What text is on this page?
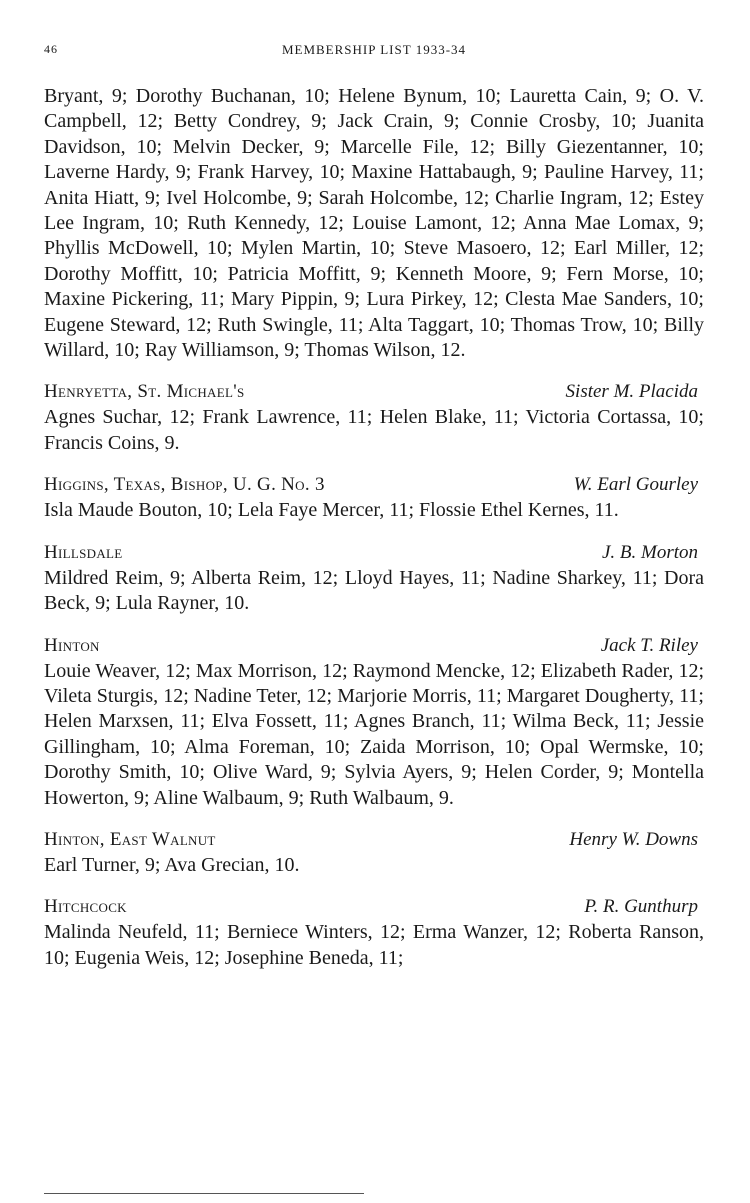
46	MEMBERSHIP LIST 1933-34

Bryant, 9; Dorothy Buchanan, 10; Helene Bynum, 10; Lauretta Cain, 9; O. V. Campbell, 12; Betty Condrey, 9; Jack Crain, 9; Connie Crosby, 10; Juanita Davidson, 10; Melvin Decker, 9; Marcelle File, 12; Billy Giezentanner, 10; Laverne Hardy, 9; Frank Harvey, 10; Maxine Hattabaugh, 9; Pauline Harvey, 11; Anita Hiatt, 9; Ivel Holcombe, 9; Sarah Holcombe, 12; Charlie Ingram, 12; Estey Lee Ingram, 10; Ruth Kennedy, 12; Louise Lamont, 12; Anna Mae Lomax, 9; Phyllis McDowell, 10; Mylen Martin, 10; Steve Masoero, 12; Earl Miller, 12; Dorothy Moffitt, 10; Patricia Moffitt, 9; Kenneth Moore, 9; Fern Morse, 10; Maxine Pickering, 11; Mary Pippin, 9; Lura Pirkey, 12; Clesta Mae Sanders, 10; Eugene Steward, 12; Ruth Swingle, 11; Alta Taggart, 10; Thomas Trow, 10; Billy Willard, 10; Ray Williamson, 9; Thomas Wilson, 12.

Henryetta, St. Michael's	Sister M. Placida

Agnes Suchar, 12; Frank Lawrence, 11; Helen Blake, 11; Victoria Cortassa, 10; Francis Coins, 9.

Higgins, Texas, Bishop, U. G. No. 3	W. Earl Gourley

Isla Maude Bouton, 10; Lela Faye Mercer, 11; Flossie Ethel Kernes, 11.

Hillsdale	J. B. Morton

Mildred Reim, 9; Alberta Reim, 12; Lloyd Hayes, 11; Nadine Sharkey, 11; Dora Beck, 9; Lula Rayner, 10.

Hinton	Jack T. Riley

Louie Weaver, 12; Max Morrison, 12; Raymond Mencke, 12; Elizabeth Rader, 12; Vileta Sturgis, 12; Nadine Teter, 12; Marjorie Morris, 11; Margaret Dougherty, 11; Helen Marxsen, 11; Elva Fossett, 11; Agnes Branch, 11; Wilma Beck, 11; Jessie Gillingham, 10; Alma Foreman, 10; Zaida Morrison, 10; Opal Wermske, 10; Dorothy Smith, 10; Olive Ward, 9; Sylvia Ayers, 9; Helen Corder, 9; Montella Howerton, 9; Aline Walbaum, 9; Ruth Walbaum, 9.

Hinton, East Walnut	Henry W. Downs

Earl Turner, 9; Ava Grecian, 10.

Hitchcock	P. R. Gunthurp

Malinda Neufeld, 11; Berniece Winters, 12; Erma Wanzer, 12; Roberta Ranson, 10; Eugenia Weis, 12; Josephine Beneda, 11;
